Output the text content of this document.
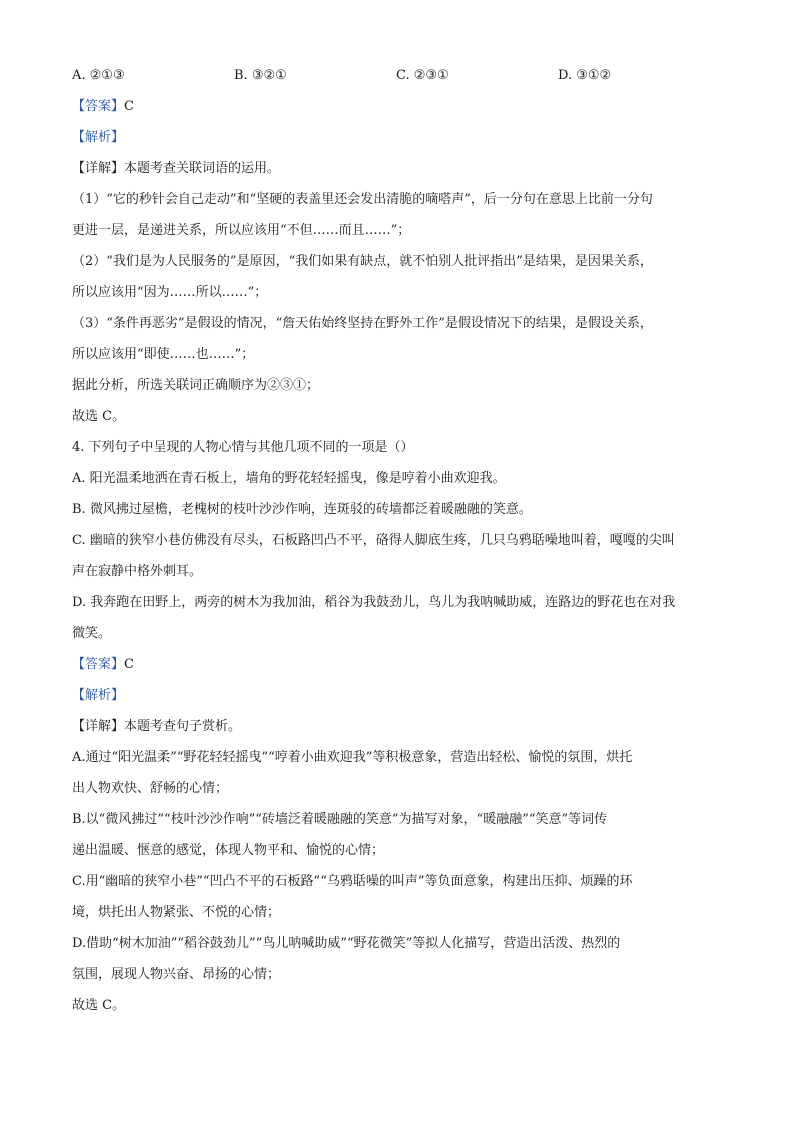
A. ②①③	B. ③②①	C. ②③①	D. ③①②
【答案】C
【解析】
【详解】本题考查关联词语的运用。
（1）“它的秒针会自己走动”和“坚硬的表盖里还会发出清脆的嘀嗒声”，后一分句在意思上比前一分句
更进一层，是递进关系，所以应该用“不但……而且……”；
（2）“我们是为人民服务的”是原因，“我们如果有缺点，就不怕别人批评指出”是结果，是因果关系，
所以应该用“因为……所以……”；
（3）“条件再恶劣”是假设的情况，“詹天佑始终坚持在野外工作”是假设情况下的结果，是假设关系，
所以应该用“即使……也……”；
据此分析，所选关联词正确顺序为②③①；
故选 C。
4. 下列句子中呈现的人物心情与其他几项不同的一项是（）
A. 阳光温柔地洒在青石板上，墙角的野花轻轻摇曳，像是哼着小曲欢迎我。
B. 微风拂过屋檐，老槐树的枝叶沙沙作响，连斑驳的砖墙都泛着暖融融的笑意。
C. 幽暗的狭窄小巷仿佛没有尽头，石板路凹凸不平，硌得人脚底生疼，几只乌鸦聒噪地叫着，嘎嘎的尖叫
声在寂静中格外刺耳。
D. 我奔跑在田野上，两旁的树木为我加油，稻谷为我鼓劲儿，鸟儿为我呐喊助威，连路边的野花也在对我
微笑。
【答案】C
【解析】
【详解】本题考查句子赏析。
A.通过“阳光温柔”“野花轻轻摇曳”“哼着小曲欢迎我”等积极意象，营造出轻松、愉悦的氛围，烘托
出人物欢快、舒畅的心情；
B.以“微风拂过”“枝叶沙沙作响”“砖墙泛着暖融融的笑意”为描写对象，“暖融融”“笑意”等词传
递出温暖、惬意的感觉，体现人物平和、愉悦的心情；
C.用“幽暗的狭窄小巷”“凹凸不平的石板路”“乌鸦聒噪的叫声”等负面意象，构建出压抑、烦躁的环
境，烘托出人物紧张、不悦的心情；
D.借助“树木加油”“稻谷鼓劲儿”“鸟儿呐喊助威”“野花微笑”等拟人化描写，营造出活泼、热烈的
氛围，展现人物兴奋、昂扬的心情；
故选 C。
